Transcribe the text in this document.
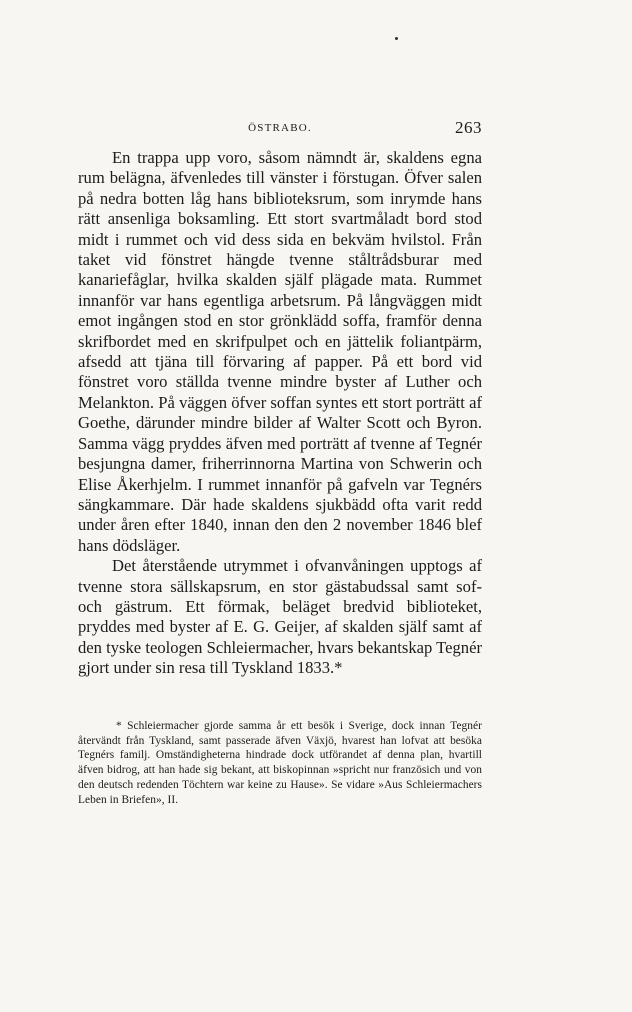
ÖSTRABO.	263

En trappa upp voro, såsom nämndt är, skaldens egna rum belägna, äfvenledes till vänster i förstugan. Öfver salen på nedra botten låg hans biblioteksrum, som inrymde hans rätt ansenliga boksamling. Ett stort svartmåladt bord stod midt i rummet och vid dess sida en bekväm hvilstol. Från taket vid fönstret hängde tvenne ståltrådsburar med kanariefåglar, hvilka skalden själf plägade mata. Rummet innanför var hans egentliga arbetsrum. På långväggen midt emot ingången stod en stor grönklädd soffa, framför denna skrifbordet med en skrifpulpet och en jättelik foliantpärm, afsedd att tjäna till förvaring af papper. På ett bord vid fönstret voro ställda tvenne mindre byster af Luther och Melankton. På väggen öfver soffan syntes ett stort porträtt af Goethe, därunder mindre bilder af Walter Scott och Byron. Samma vägg pryddes äfven med porträtt af tvenne af Tegnér besjungna damer, friherrinnorna Martina von Schwerin och Elise Åkerhjelm. I rummet innanför på gafveln var Tegnérs sängkammare. Där hade skaldens sjukbädd ofta varit redd under åren efter 1840, innan den den 2 november 1846 blef hans dödsläger.

Det återstående utrymmet i ofvanvåningen upptogs af tvenne stora sällskapsrum, en stor gästabudssal samt sof- och gästrum. Ett förmak, beläget bredvid biblioteket, pryddes med byster af E. G. Geijer, af skalden själf samt af den tyske teologen Schleiermacher, hvars bekantskap Tegnér gjort under sin resa till Tyskland 1833.*

* Schleiermacher gjorde samma år ett besök i Sverige, dock innan Tegnér återvändt från Tyskland, samt passerade äfven Växjö, hvarest han lofvat att besöka Tegnérs familj. Omständigheterna hindrade dock utförandet af denna plan, hvartill äfven bidrog, att han hade sig bekant, att biskopinnan »spricht nur französich und von den deutsch redenden Töchtern war keine zu Hause». Se vidare »Aus Schleiermachers Leben in Briefen», II.
